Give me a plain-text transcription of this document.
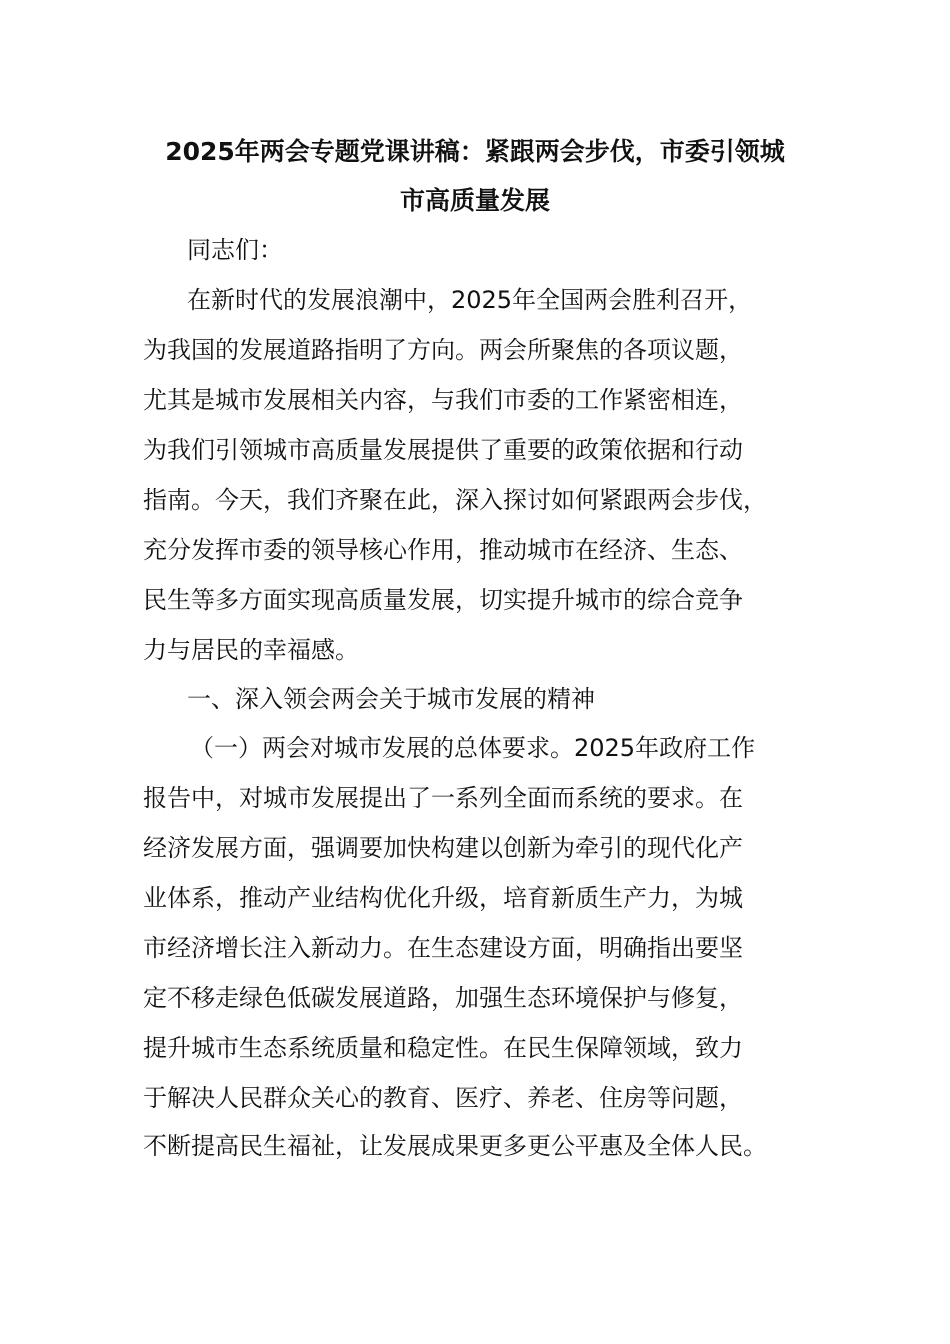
2025年两会专题党课讲稿：紧跟两会步伐，市委引领城
市高质量发展

同志们：

在新时代的发展浪潮中，2025年全国两会胜利召开，

为我国的发展道路指明了方向。两会所聚焦的各项议题，

尤其是城市发展相关内容，与我们市委的工作紧密相连，

为我们引领城市高质量发展提供了重要的政策依据和行动

指南。今天，我们齐聚在此，深入探讨如何紧跟两会步伐，

充分发挥市委的领导核心作用，推动城市在经济、生态、

民生等多方面实现高质量发展，切实提升城市的综合竞争

力与居民的幸福感。

一、深入领会两会关于城市发展的精神

（一）两会对城市发展的总体要求。2025年政府工作

报告中，对城市发展提出了一系列全面而系统的要求。在

经济发展方面，强调要加快构建以创新为牵引的现代化产

业体系，推动产业结构优化升级，培育新质生产力，为城

市经济增长注入新动力。在生态建设方面，明确指出要坚

定不移走绿色低碳发展道路，加强生态环境保护与修复，

提升城市生态系统质量和稳定性。在民生保障领域，致力

于解决人民群众关心的教育、医疗、养老、住房等问题，

不断提高民生福祉，让发展成果更多更公平惠及全体人民。
